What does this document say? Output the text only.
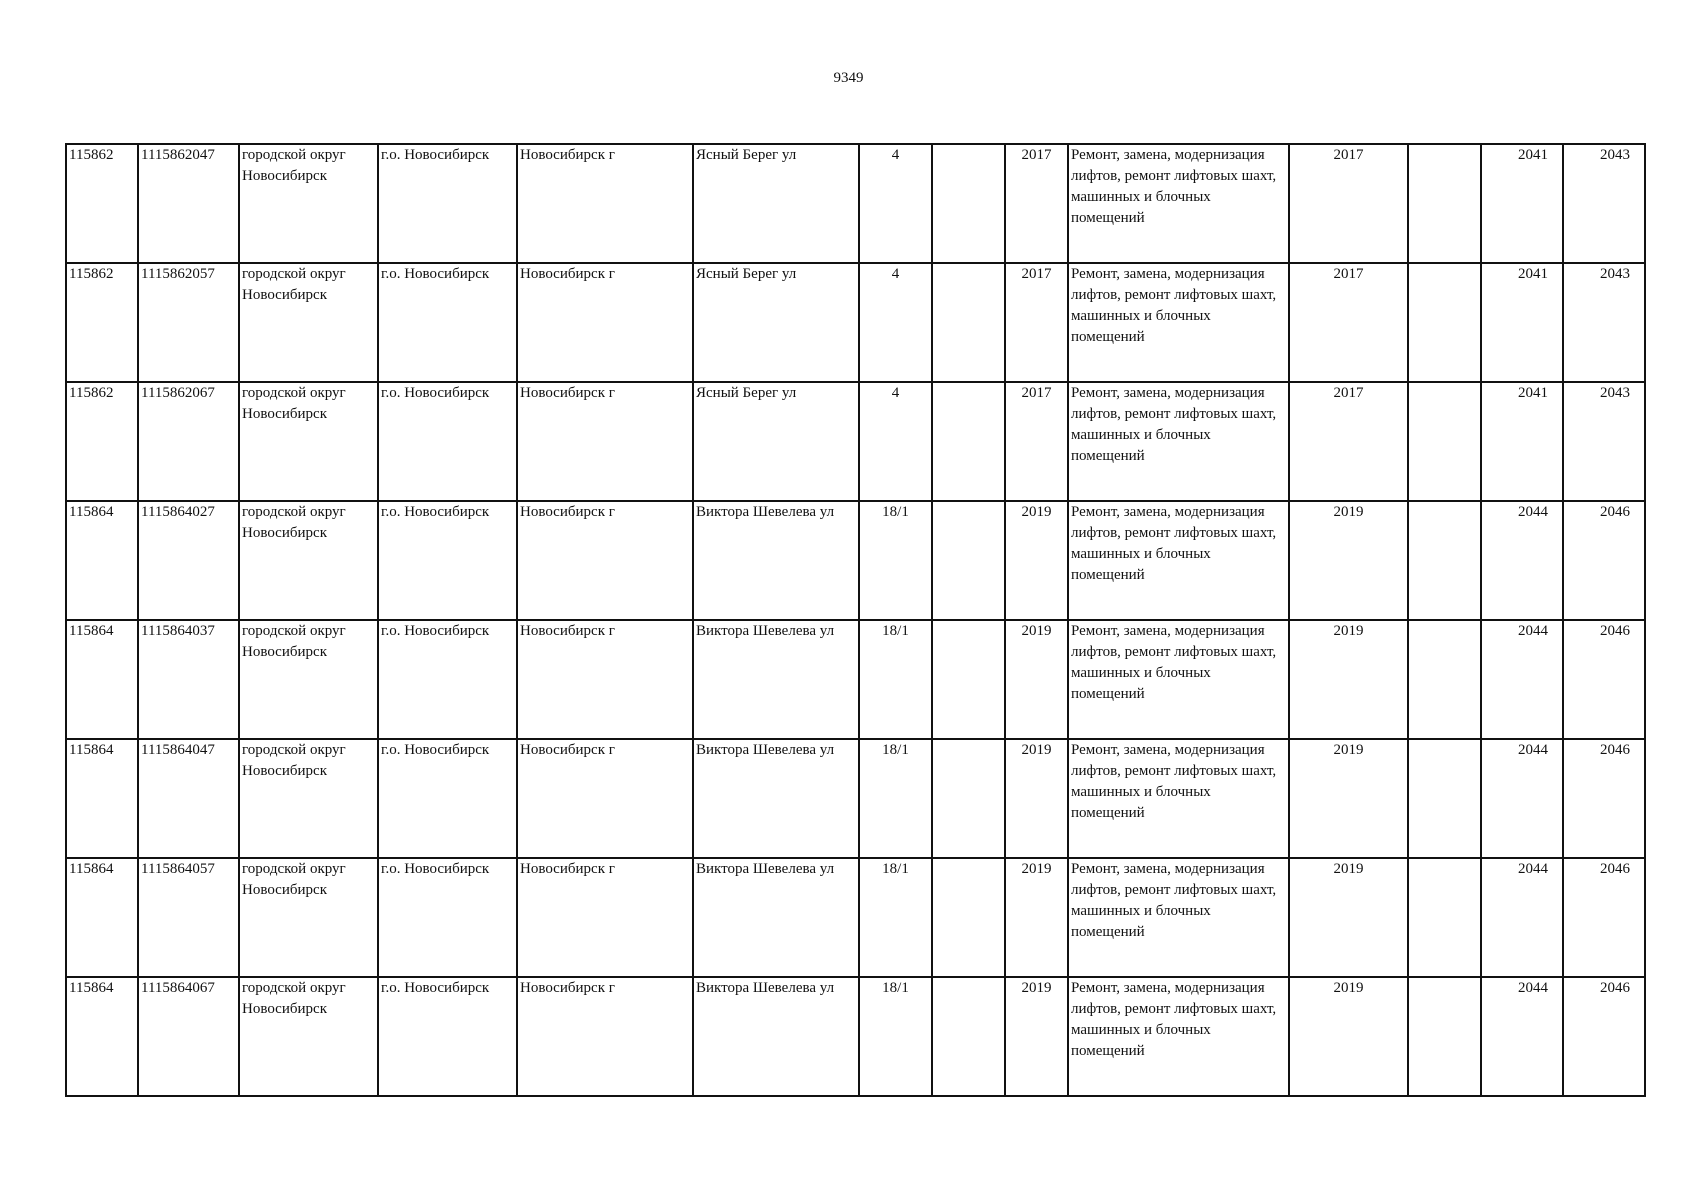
9349
115862	1115862047	городской округ Новосибирск	г.о. Новосибирск	Новосибирск г	Ясный Берег ул	4		2017	Ремонт, замена, модернизация лифтов, ремонт лифтовых шахт, машинных и блочных помещений	2017		2041	2043
115862	1115862057	городской округ Новосибирск	г.о. Новосибирск	Новосибирск г	Ясный Берег ул	4		2017	Ремонт, замена, модернизация лифтов, ремонт лифтовых шахт, машинных и блочных помещений	2017		2041	2043
115862	1115862067	городской округ Новосибирск	г.о. Новосибирск	Новосибирск г	Ясный Берег ул	4		2017	Ремонт, замена, модернизация лифтов, ремонт лифтовых шахт, машинных и блочных помещений	2017		2041	2043
115864	1115864027	городской округ Новосибирск	г.о. Новосибирск	Новосибирск г	Виктора Шевелева ул	18/1		2019	Ремонт, замена, модернизация лифтов, ремонт лифтовых шахт, машинных и блочных помещений	2019		2044	2046
115864	1115864037	городской округ Новосибирск	г.о. Новосибирск	Новосибирск г	Виктора Шевелева ул	18/1		2019	Ремонт, замена, модернизация лифтов, ремонт лифтовых шахт, машинных и блочных помещений	2019		2044	2046
115864	1115864047	городской округ Новосибирск	г.о. Новосибирск	Новосибирск г	Виктора Шевелева ул	18/1		2019	Ремонт, замена, модернизация лифтов, ремонт лифтовых шахт, машинных и блочных помещений	2019		2044	2046
115864	1115864057	городской округ Новосибирск	г.о. Новосибирск	Новосибирск г	Виктора Шевелева ул	18/1		2019	Ремонт, замена, модернизация лифтов, ремонт лифтовых шахт, машинных и блочных помещений	2019		2044	2046
115864	1115864067	городской округ Новосибирск	г.о. Новосибирск	Новосибирск г	Виктора Шевелева ул	18/1		2019	Ремонт, замена, модернизация лифтов, ремонт лифтовых шахт, машинных и блочных помещений	2019		2044	2046
